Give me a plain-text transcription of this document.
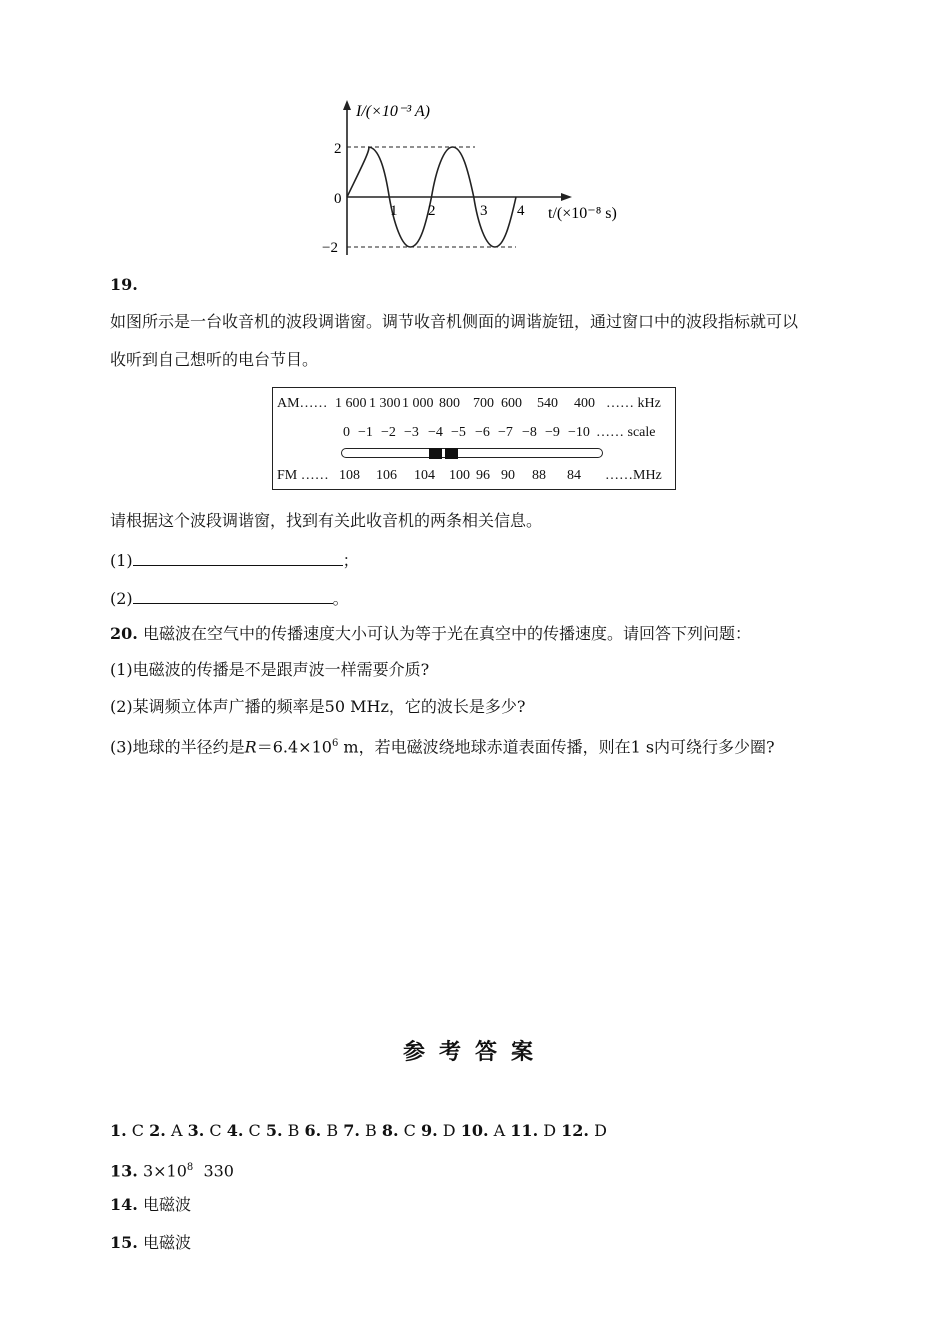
2
0
−2
1 2	3 4
I/(×10⁻³ A)
t/(×10⁻⁸ s)
19.
如图所示是一台收音机的波段调谐窗。调节收音机侧面的调谐旋钮，通过窗口中的波段指标就可以
收听到自己想听的电台节目。
AM…… 1 600 1 300 1 000 800 700 600 540 400 …… kHz
0 −1 −2 −3 −4 −5 −6 −7 −8 −9 −10 …… scale
FM …… 108 106 104 100 96 90 88 84 ……MHz
请根据这个波段调谐窗，找到有关此收音机的两条相关信息。
(1)	；
(2)	。
20. 电磁波在空气中的传播速度大小可认为等于光在真空中的传播速度。请回答下列问题：
(1)电磁波的传播是不是跟声波一样需要介质?
(2)某调频立体声广播的频率是50 MHz，它的波长是多少?
(3)地球的半径约是$R=6.4\times 10^6$ m，若电磁波绕地球赤道表面传播，则在1 s内可绕行多少圈?
参考答案
1. C 2. A 3. C 4. C 5. B 6. B 7. B 8. C 9. D 10. A 11. D 12. D
13. $3\times 10^8$  330
14. 电磁波
15. 电磁波
